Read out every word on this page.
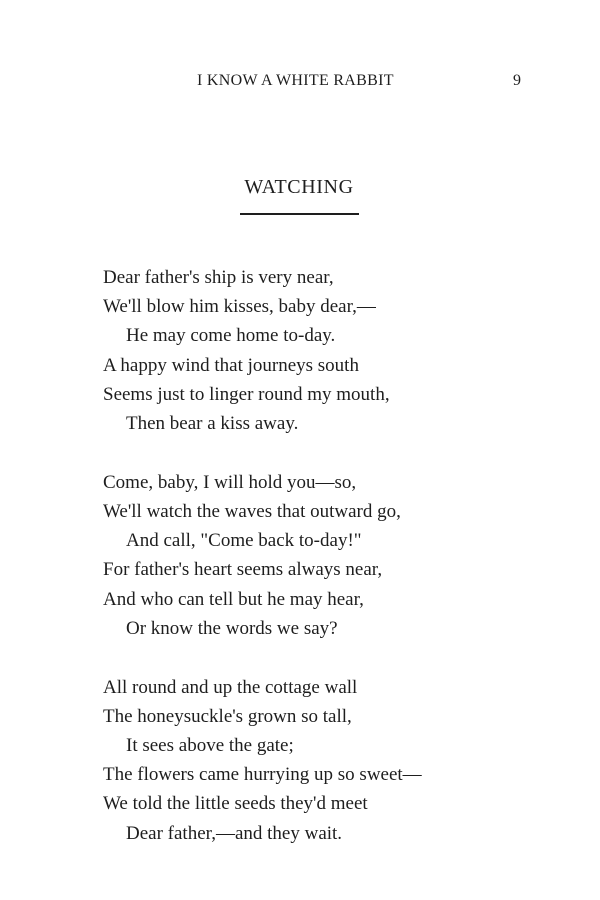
I KNOW A WHITE RABBIT	9
WATCHING
Dear father's ship is very near,
We'll blow him kisses, baby dear,—
He may come home to-day.
A happy wind that journeys south
Seems just to linger round my mouth,
Then bear a kiss away.
Come, baby, I will hold you—so,
We'll watch the waves that outward go,
And call, "Come back to-day!"
For father's heart seems always near,
And who can tell but he may hear,
Or know the words we say?
All round and up the cottage wall
The honeysuckle's grown so tall,
It sees above the gate;
The flowers came hurrying up so sweet—
We told the little seeds they'd meet
Dear father,—and they wait.
